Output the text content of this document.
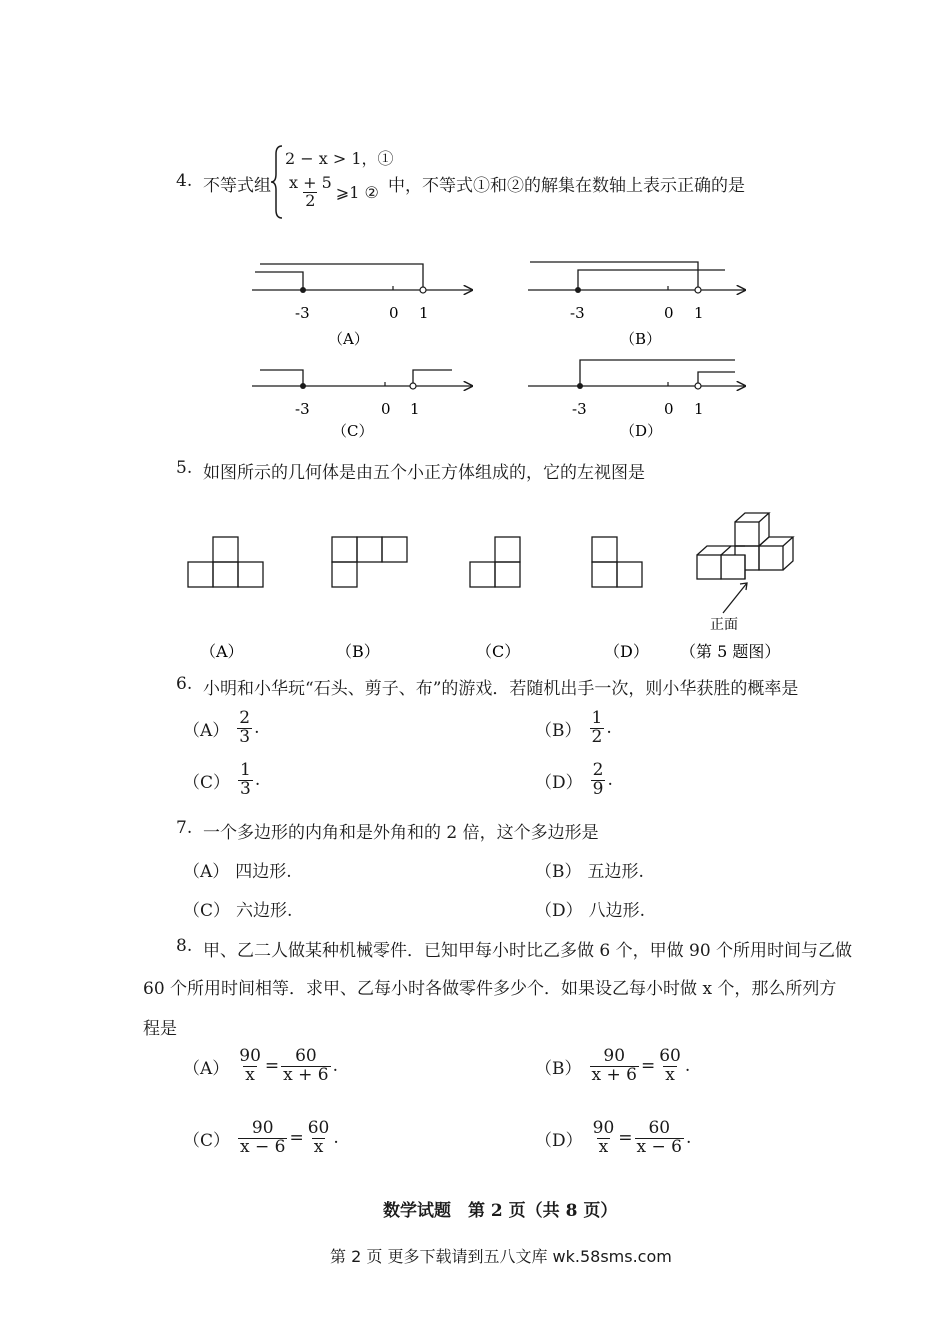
4. 不等式组
2 − x > 1，①
$\frac{x + 5}{2}$ ⩾1 ② 中，不等式①和②的解集在数轴上表示正确的是
-3	0 1
（A）
-3	0 1
（B）
-3	0 1
（C）
-3	0 1
（D）
5. 如图所示的几何体是由五个小正方体组成的，它的左视图是
正面
（A）	（B）	（C）	（D） （第 5 题图）
6. 小明和小华玩“石头、剪子、布”的游戏．若随机出手一次，则小华获胜的概率是
$(A) \frac{2}{3}$ .	$(B) \frac{1}{2}$ .
$(C) \frac{1}{3}$ .	$(D) \frac{2}{9}$ .
7. 一个多边形的内角和是外角和的 2 倍，这个多边形是
（A） 四边形.	（B） 五边形.
（C） 六边形.	（D） 八边形.
8. 甲、乙二人做某种机械零件．已知甲每小时比乙多做 6 个，甲做 90 个所用时间与乙做
60 个所用时间相等．求甲、乙每小时各做零件多少个．如果设乙每小时做 x 个，那么所列方
程是
$(A) \frac{90}{x} = \frac{60}{x + 6}$ .	$(B) \frac{90}{x + 6} = \frac{60}{x}$ .
$(C) \frac{90}{x - 6} = \frac{60}{x}$ .	$(D) \frac{90}{x} = \frac{60}{x - 6}$ .
数学试题　第 2 页（共 8 页）
第 2 页 更多下载请到五八文库 wk.58sms.com
